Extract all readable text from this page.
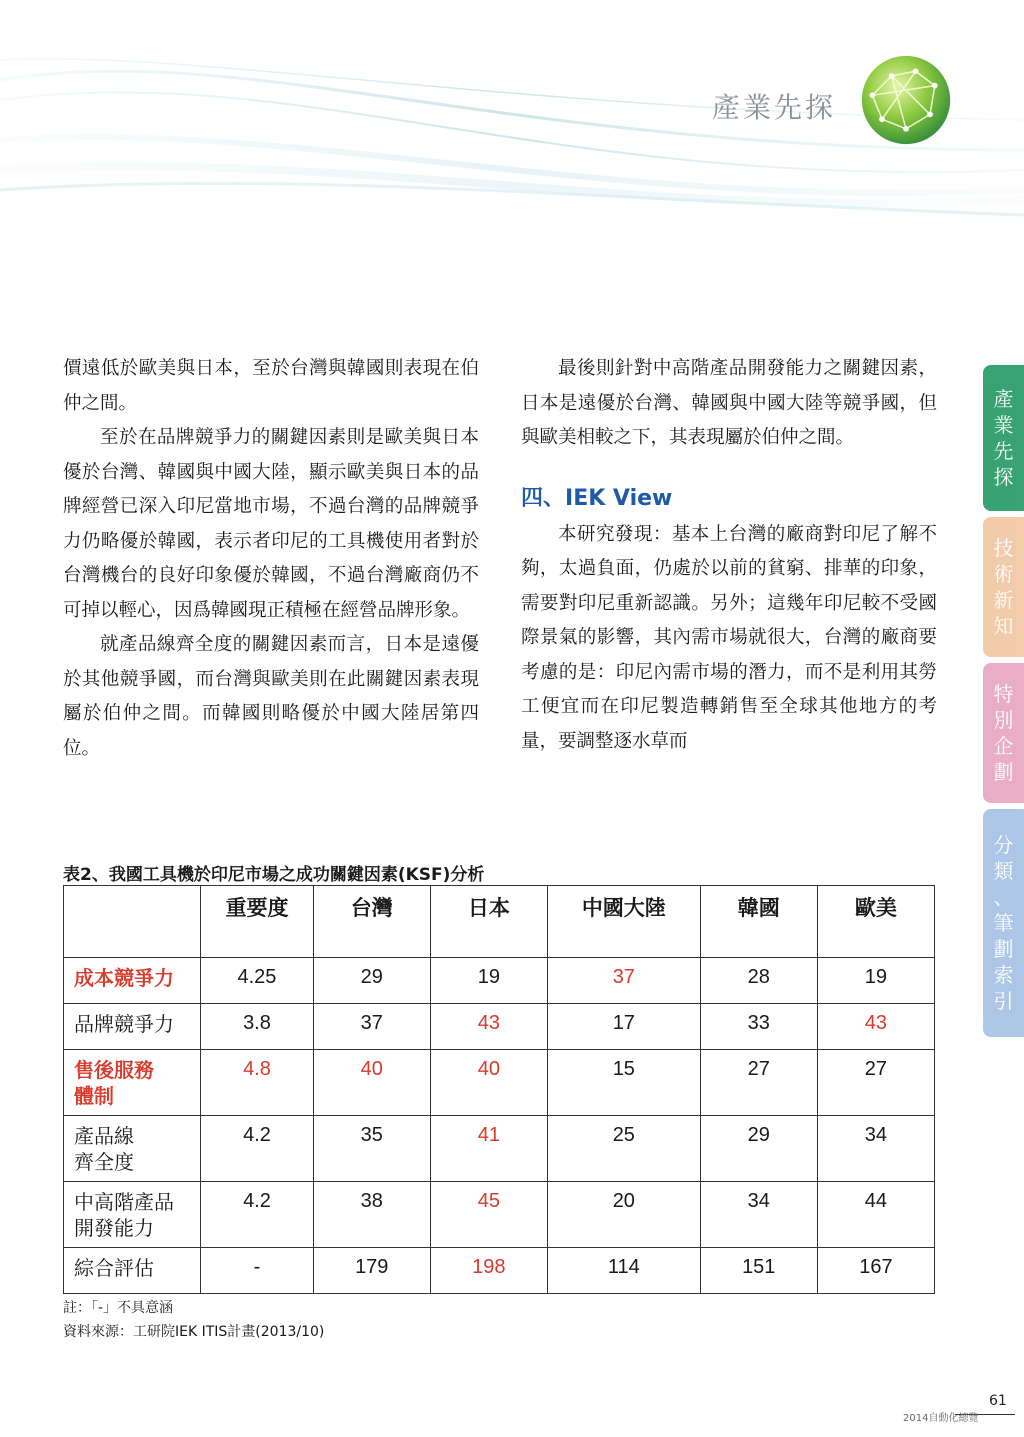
產業先探

價遠低於歐美與日本，至於台灣與韓國則表現在伯仲之間。

至於在品牌競爭力的關鍵因素則是歐美與日本優於台灣、韓國與中國大陸，顯示歐美與日本的品牌經營已深入印尼當地市場，不過台灣的品牌競爭力仍略優於韓國，表示者印尼的工具機使用者對於台灣機台的良好印象優於韓國，不過台灣廠商仍不可掉以輕心，因爲韓國現正積極在經營品牌形象。

就產品線齊全度的關鍵因素而言，日本是遠優於其他競爭國，而台灣與歐美則在此關鍵因素表現屬於伯仲之間。而韓國則略優於中國大陸居第四位。

最後則針對中高階產品開發能力之關鍵因素，日本是遠優於台灣、韓國與中國大陸等競爭國，但與歐美相較之下，其表現屬於伯仲之間。

四、IEK View

本研究發現：基本上台灣的廠商對印尼了解不夠，太過負面，仍處於以前的貧窮、排華的印象，需要對印尼重新認識。另外；這幾年印尼較不受國際景氣的影響，其內需市場就很大，台灣的廠商要考慮的是：印尼內需市場的潛力，而不是利用其勞工便宜而在印尼製造轉銷售至全球其他地方的考量，要調整逐水草而

產
業
先
探
技
術
新
知
特
別
企
劃
分
類
、
筆
劃
索
引
表2、我國工具機於印尼市場之成功關鍵因素(KSF)分析
	重要度	台灣	日本	中國大陸	韓國	歐美
成本競爭力	4.25	29	19	37	28	19
品牌競爭力	3.8	37	43	17	33	43
售後服務
體制	4.8	40	40	15	27	27
產品線
齊全度	4.2	35	41	25	29	34
中高階產品
開發能力	4.2	38	45	20	34	44
綜合評估	-	179	198	114	151	167
註：「-」不具意涵
資料來源：工研院IEK ITIS計畫(2013/10)
61
2014自動化總覽
